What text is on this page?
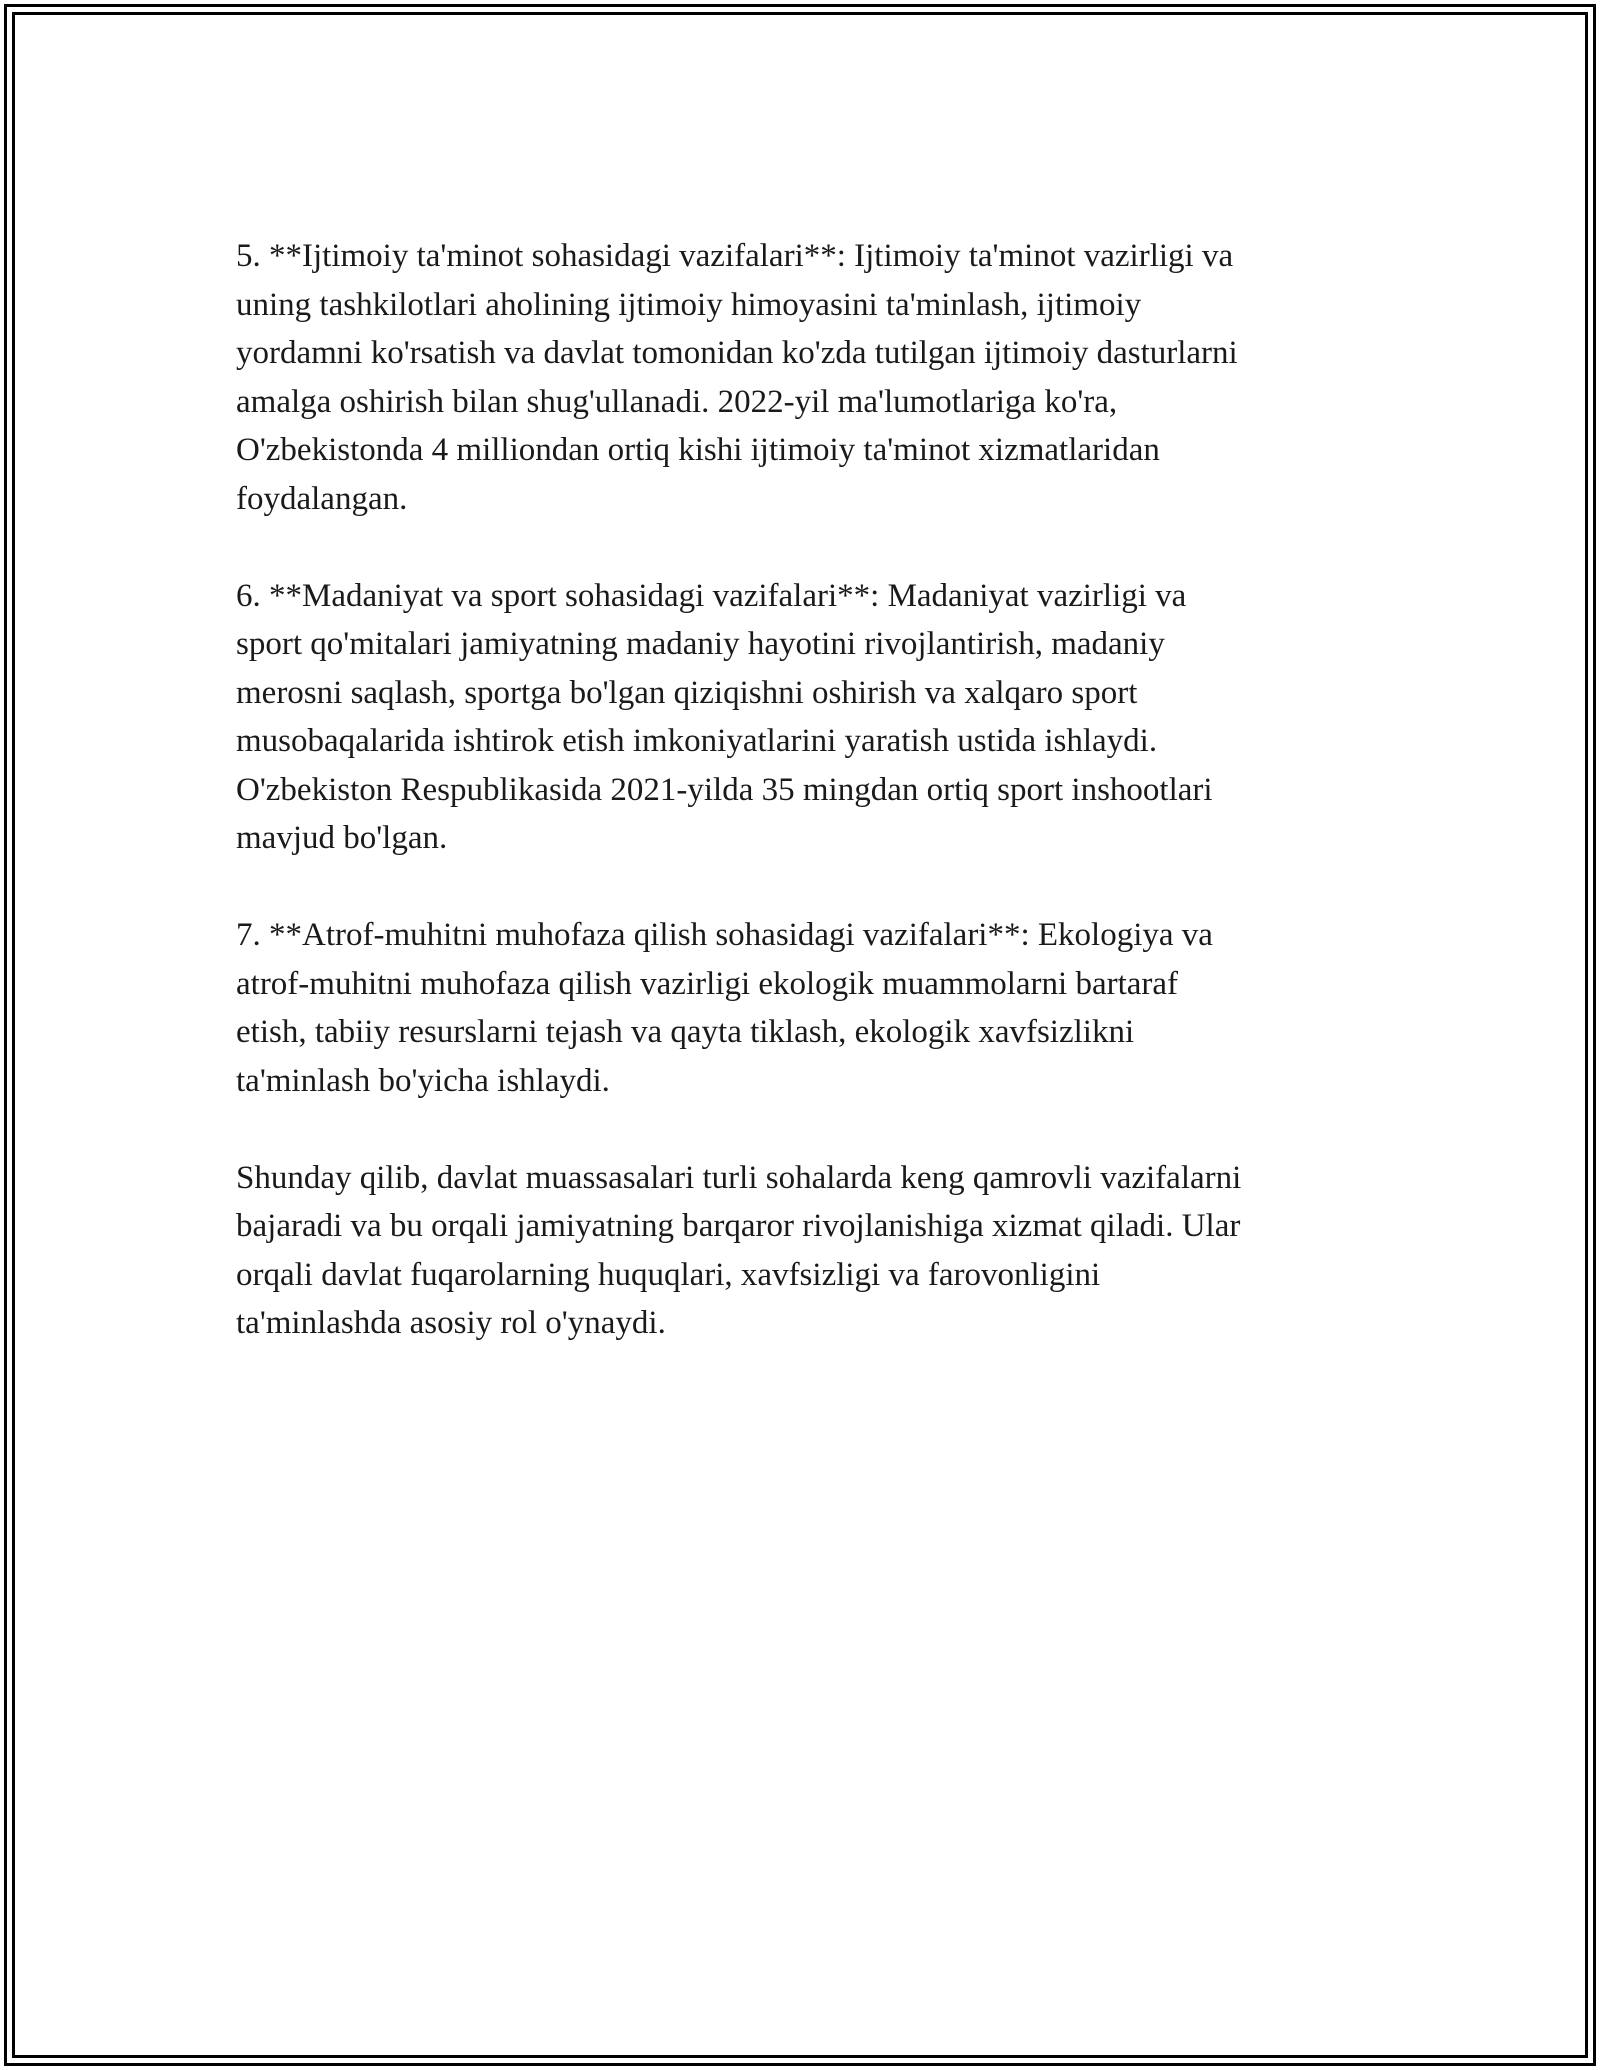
5. **Ijtimoiy ta'minot sohasidagi vazifalari**: Ijtimoiy ta'minot vazirligi va
uning tashkilotlari aholining ijtimoiy himoyasini ta'minlash, ijtimoiy
yordamni ko'rsatish va davlat tomonidan ko'zda tutilgan ijtimoiy dasturlarni
amalga oshirish bilan shug'ullanadi. 2022-yil ma'lumotlariga ko'ra,
O'zbekistonda 4 milliondan ortiq kishi ijtimoiy ta'minot xizmatlaridan
foydalangan.

6. **Madaniyat va sport sohasidagi vazifalari**: Madaniyat vazirligi va
sport qo'mitalari jamiyatning madaniy hayotini rivojlantirish, madaniy
merosni saqlash, sportga bo'lgan qiziqishni oshirish va xalqaro sport
musobaqalarida ishtirok etish imkoniyatlarini yaratish ustida ishlaydi.
O'zbekiston Respublikasida 2021-yilda 35 mingdan ortiq sport inshootlari
mavjud bo'lgan.

7. **Atrof-muhitni muhofaza qilish sohasidagi vazifalari**: Ekologiya va
atrof-muhitni muhofaza qilish vazirligi ekologik muammolarni bartaraf
etish, tabiiy resurslarni tejash va qayta tiklash, ekologik xavfsizlikni
ta'minlash bo'yicha ishlaydi.

Shunday qilib, davlat muassasalari turli sohalarda keng qamrovli vazifalarni
bajaradi va bu orqali jamiyatning barqaror rivojlanishiga xizmat qiladi. Ular
orqali davlat fuqarolarning huquqlari, xavfsizligi va farovonligini
ta'minlashda asosiy rol o'ynaydi.
